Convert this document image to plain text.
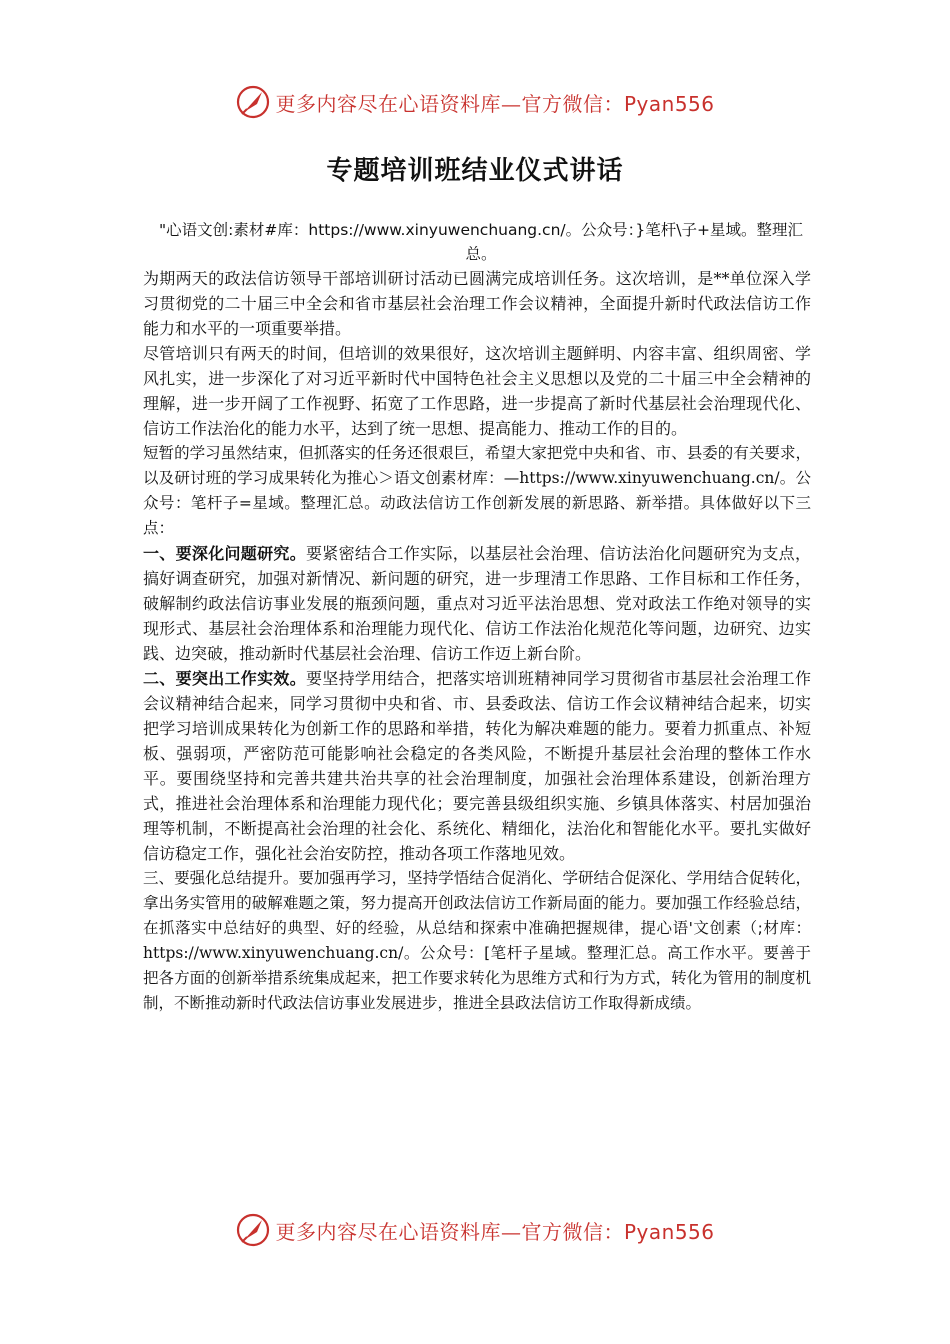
更多内容尽在心语资料库—官方微信：Pyan556
专题培训班结业仪式讲话

"心语文创:素材#库：https://www.xinyuwenchuang.cn/。公众号：}笔杆\子+星域。整理汇总。

为期两天的政法信访领导干部培训研讨活动已圆满完成培训任务。这次培训，是**单位深入学习贯彻党的二十届三中全会和省市基层社会治理工作会议精神，全面提升新时代政法信访工作能力和水平的一项重要举措。

尽管培训只有两天的时间，但培训的效果很好，这次培训主题鲜明、内容丰富、组织周密、学风扎实，进一步深化了对习近平新时代中国特色社会主义思想以及党的二十届三中全会精神的理解，进一步开阔了工作视野、拓宽了工作思路，进一步提高了新时代基层社会治理现代化、信访工作法治化的能力水平，达到了统一思想、提高能力、推动工作的目的。

短暂的学习虽然结束，但抓落实的任务还很艰巨，希望大家把党中央和省、市、县委的有关要求，以及研讨班的学习成果转化为推心＞语文创素材库：—https://www.xinyuwenchuang.cn/。公众号：笔杆子=星域。整理汇总。动政法信访工作创新发展的新思路、新举措。具体做好以下三点：

一、要深化问题研究。要紧密结合工作实际，以基层社会治理、信访法治化问题研究为支点，搞好调查研究，加强对新情况、新问题的研究，进一步理清工作思路、工作目标和工作任务，破解制约政法信访事业发展的瓶颈问题，重点对习近平法治思想、党对政法工作绝对领导的实现形式、基层社会治理体系和治理能力现代化、信访工作法治化规范化等问题，边研究、边实践、边突破，推动新时代基层社会治理、信访工作迈上新台阶。

二、要突出工作实效。要坚持学用结合，把落实培训班精神同学习贯彻省市基层社会治理工作会议精神结合起来，同学习贯彻中央和省、市、县委政法、信访工作会议精神结合起来，切实把学习培训成果转化为创新工作的思路和举措，转化为解决难题的能力。要着力抓重点、补短板、强弱项，严密防范可能影响社会稳定的各类风险，不断提升基层社会治理的整体工作水平。要围绕坚持和完善共建共治共享的社会治理制度，加强社会治理体系建设，创新治理方式，推进社会治理体系和治理能力现代化；要完善县级组织实施、乡镇具体落实、村居加强治理等机制，不断提高社会治理的社会化、系统化、精细化，法治化和智能化水平。要扎实做好信访稳定工作，强化社会治安防控，推动各项工作落地见效。

三、要强化总结提升。要加强再学习，坚持学悟结合促消化、学研结合促深化、学用结合促转化，拿出务实管用的破解难题之策，努力提高开创政法信访工作新局面的能力。要加强工作经验总结，在抓落实中总结好的典型、好的经验，从总结和探索中准确把握规律，提心语'文创素（;材库：https://www.xinyuwenchuang.cn/。公众号：[笔杆子星域。整理汇总。高工作水平。要善于把各方面的创新举措系统集成起来，把工作要求转化为思维方式和行为方式，转化为管用的制度机制，不断推动新时代政法信访事业发展进步，推进全县政法信访工作取得新成绩。

更多内容尽在心语资料库—官方微信：Pyan556
